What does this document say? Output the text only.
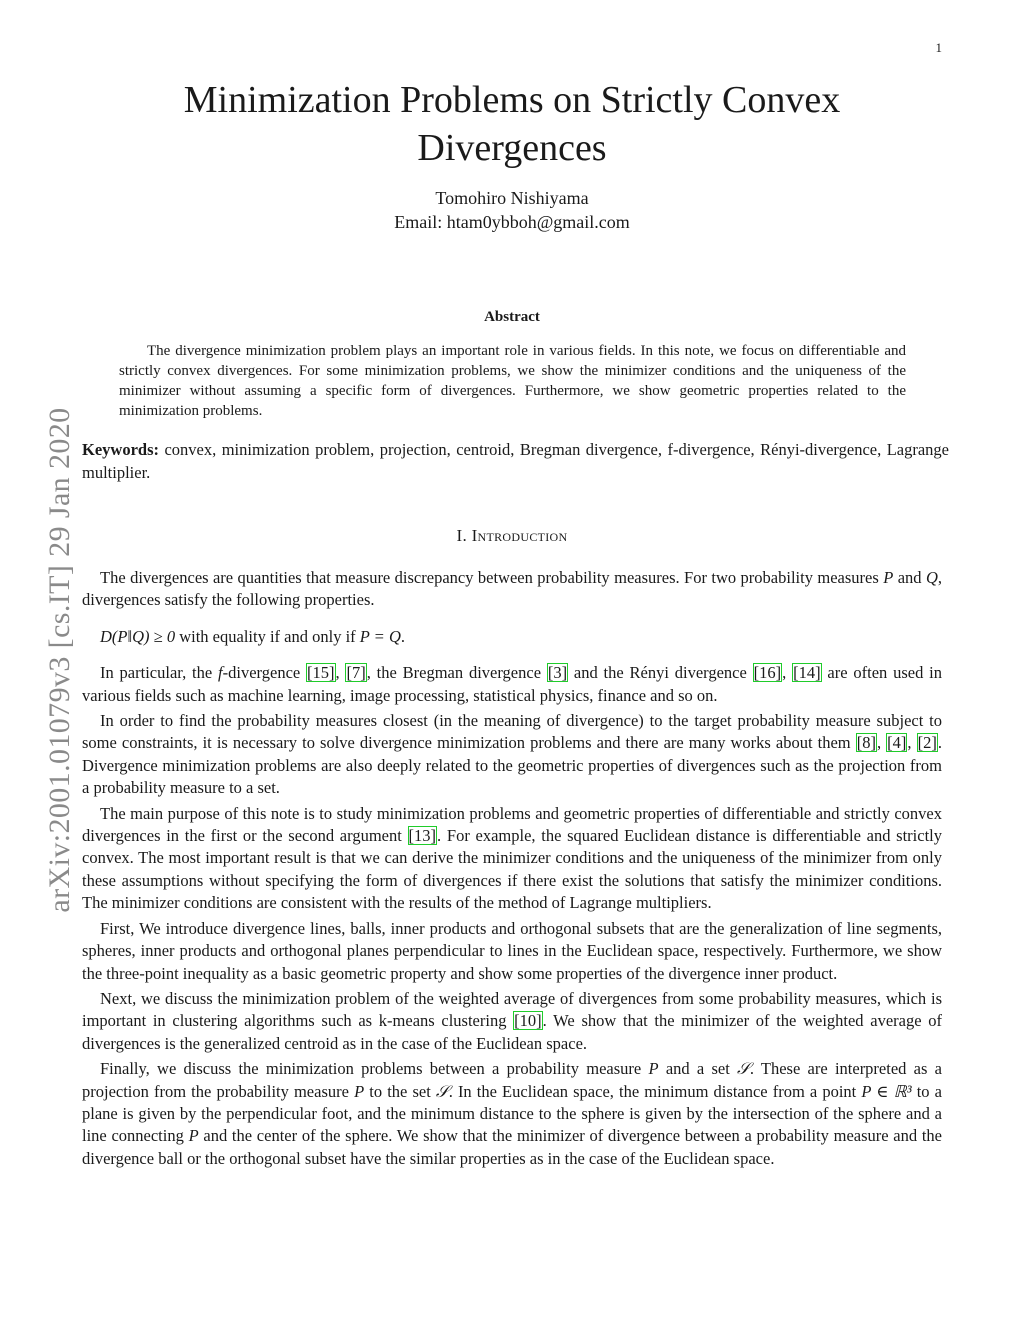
1
arXiv:2001.01079v3 [cs.IT] 29 Jan 2020
Minimization Problems on Strictly Convex Divergences
Tomohiro Nishiyama
Email: htam0ybboh@gmail.com
Abstract

The divergence minimization problem plays an important role in various fields. In this note, we focus on differentiable and strictly convex divergences. For some minimization problems, we show the minimizer conditions and the uniqueness of the minimizer without assuming a specific form of divergences. Furthermore, we show geometric properties related to the minimization problems.

Keywords: convex, minimization problem, projection, centroid, Bregman divergence, f-divergence, Rényi-divergence, Lagrange multiplier.

I. Introduction

The divergences are quantities that measure discrepancy between probability measures. For two probability measures P and Q, divergences satisfy the following properties.

D(P‖Q) ≥ 0 with equality if and only if P = Q.

In particular, the f-divergence [15], [7], the Bregman divergence [3] and the Rényi divergence [16], [14] are often used in various fields such as machine learning, image processing, statistical physics, finance and so on.

In order to find the probability measures closest (in the meaning of divergence) to the target probability measure subject to some constraints, it is necessary to solve divergence minimization problems and there are many works about them [8], [4], [2]. Divergence minimization problems are also deeply related to the geometric properties of divergences such as the projection from a probability measure to a set.

The main purpose of this note is to study minimization problems and geometric properties of differentiable and strictly convex divergences in the first or the second argument [13]. For example, the squared Euclidean distance is differentiable and strictly convex. The most important result is that we can derive the minimizer conditions and the uniqueness of the minimizer from only these assumptions without specifying the form of divergences if there exist the solutions that satisfy the minimizer conditions. The minimizer conditions are consistent with the results of the method of Lagrange multipliers.

First, We introduce divergence lines, balls, inner products and orthogonal subsets that are the generalization of line segments, spheres, inner products and orthogonal planes perpendicular to lines in the Euclidean space, respectively. Furthermore, we show the three-point inequality as a basic geometric property and show some properties of the divergence inner product.

Next, we discuss the minimization problem of the weighted average of divergences from some probability measures, which is important in clustering algorithms such as k-means clustering [10]. We show that the minimizer of the weighted average of divergences is the generalized centroid as in the case of the Euclidean space.

Finally, we discuss the minimization problems between a probability measure P and a set 𝒮. These are interpreted as a projection from the probability measure P to the set 𝒮. In the Euclidean space, the minimum distance from a point P ∈ ℝ³ to a plane is given by the perpendicular foot, and the minimum distance to the sphere is given by the intersection of the sphere and a line connecting P and the center of the sphere. We show that the minimizer of divergence between a probability measure and the divergence ball or the orthogonal subset have the similar properties as in the case of the Euclidean space.
